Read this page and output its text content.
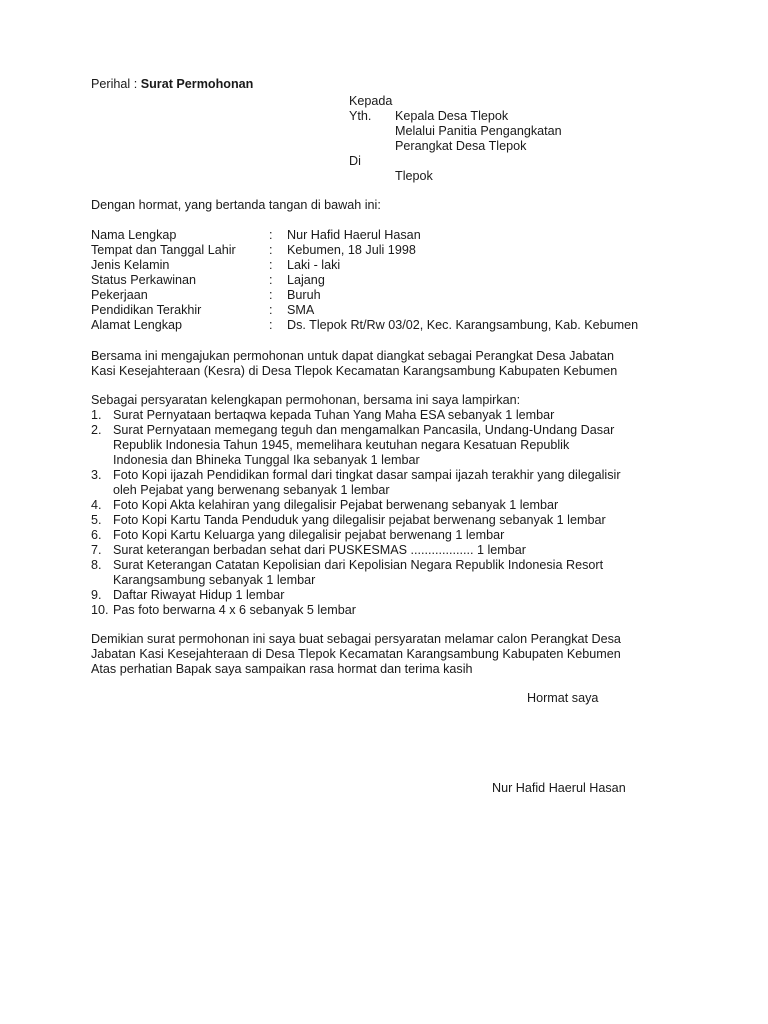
Perihal : Surat Permohonan
Kepada
Yth. Kepala Desa Tlepok
Melalui Panitia Pengangkatan
Perangkat Desa Tlepok
Di
Tlepok
Dengan hormat, yang bertanda tangan di bawah ini:
Nama Lengkap	: Nur Hafid Haerul Hasan
Tempat dan Tanggal Lahir	: Kebumen, 18 Juli 1998
Jenis Kelamin	: Laki - laki
Status Perkawinan	: Lajang
Pekerjaan	: Buruh
Pendidikan Terakhir	: SMA
Alamat Lengkap	: Ds. Tlepok Rt/Rw 03/02, Kec. Karangsambung, Kab. Kebumen
Bersama ini mengajukan permohonan untuk dapat diangkat sebagai Perangkat Desa Jabatan
Kasi Kesejahteraan (Kesra) di Desa Tlepok Kecamatan Karangsambung Kabupaten Kebumen
Sebagai persyaratan kelengkapan permohonan, bersama ini saya lampirkan:
1. Surat Pernyataan bertaqwa kepada Tuhan Yang Maha ESA sebanyak 1 lembar
2. Surat Pernyataan memegang teguh dan mengamalkan Pancasila, Undang-Undang Dasar
Republik Indonesia Tahun 1945, memelihara keutuhan negara Kesatuan Republik
Indonesia dan Bhineka Tunggal Ika sebanyak 1 lembar
3. Foto Kopi ijazah Pendidikan formal dari tingkat dasar sampai ijazah terakhir yang dilegalisir
oleh Pejabat yang berwenang sebanyak 1 lembar
4. Foto Kopi Akta kelahiran yang dilegalisir Pejabat berwenang sebanyak 1 lembar
5. Foto Kopi Kartu Tanda Penduduk yang dilegalisir pejabat berwenang sebanyak 1 lembar
6. Foto Kopi Kartu Keluarga yang dilegalisir pejabat berwenang 1 lembar
7. Surat keterangan berbadan sehat dari PUSKESMAS .................. 1 lembar
8. Surat Keterangan Catatan Kepolisian dari Kepolisian Negara Republik Indonesia Resort
Karangsambung sebanyak 1 lembar
9. Daftar Riwayat Hidup 1 lembar
10. Pas foto berwarna 4 x 6 sebanyak 5 lembar
Demikian surat permohonan ini saya buat sebagai persyaratan melamar calon Perangkat Desa
Jabatan Kasi Kesejahteraan di Desa Tlepok Kecamatan Karangsambung Kabupaten Kebumen
Atas perhatian Bapak saya sampaikan rasa hormat dan terima kasih
Hormat saya
Nur Hafid Haerul Hasan
